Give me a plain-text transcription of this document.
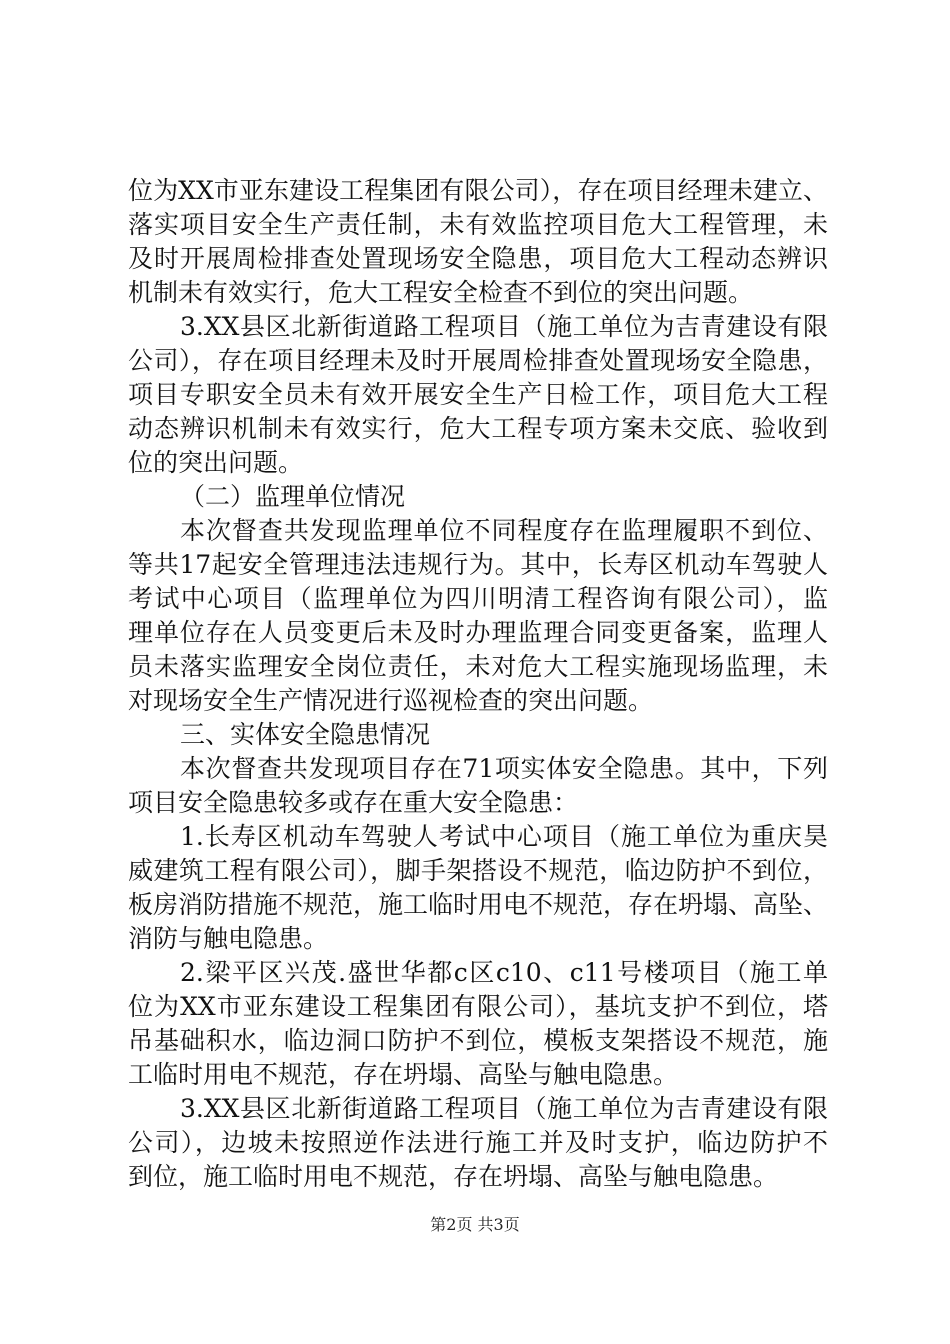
位为XX市亚东建设工程集团有限公司），存在项目经理未建立、
落实项目安全生产责任制，未有效监控项目危大工程管理，未
及时开展周检排查处置现场安全隐患，项目危大工程动态辨识
机制未有效实行，危大工程安全检查不到位的突出问题。
3.XX县区北新街道路工程项目（施工单位为吉青建设有限
公司），存在项目经理未及时开展周检排查处置现场安全隐患，
项目专职安全员未有效开展安全生产日检工作，项目危大工程
动态辨识机制未有效实行，危大工程专项方案未交底、验收到
位的突出问题。
（二）监理单位情况
本次督查共发现监理单位不同程度存在监理履职不到位、
等共17起安全管理违法违规行为。其中，长寿区机动车驾驶人
考试中心项目（监理单位为四川明清工程咨询有限公司），监
理单位存在人员变更后未及时办理监理合同变更备案，监理人
员未落实监理安全岗位责任，未对危大工程实施现场监理，未
对现场安全生产情况进行巡视检查的突出问题。
三、实体安全隐患情况
本次督查共发现项目存在71项实体安全隐患。其中，下列
项目安全隐患较多或存在重大安全隐患：
1.长寿区机动车驾驶人考试中心项目（施工单位为重庆昊
威建筑工程有限公司），脚手架搭设不规范，临边防护不到位，
板房消防措施不规范，施工临时用电不规范，存在坍塌、高坠、
消防与触电隐患。
2.梁平区兴茂.盛世华都c区c10、c11号楼项目（施工单
位为XX市亚东建设工程集团有限公司），基坑支护不到位，塔
吊基础积水，临边洞口防护不到位，模板支架搭设不规范，施
工临时用电不规范，存在坍塌、高坠与触电隐患。
3.XX县区北新街道路工程项目（施工单位为吉青建设有限
公司），边坡未按照逆作法进行施工并及时支护，临边防护不
到位，施工临时用电不规范，存在坍塌、高坠与触电隐患。
第2页 共3页
